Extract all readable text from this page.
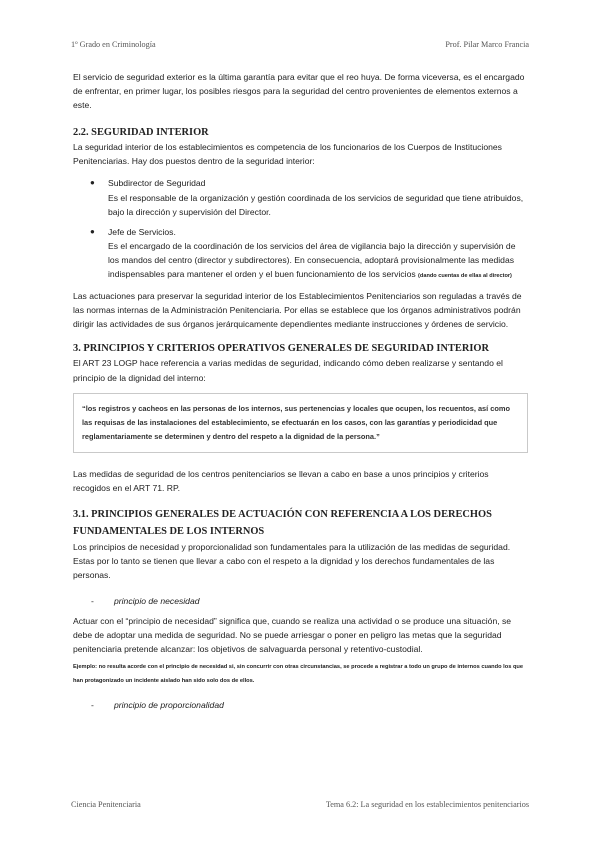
1º Grado en Criminología	Prof. Pilar Marco Francia

El servicio de seguridad exterior es la última garantía para evitar que el reo huya. De forma viceversa, es el encargado de enfrentar, en primer lugar, los posibles riesgos para la seguridad del centro provenientes de elementos externos a este.

2.2. SEGURIDAD INTERIOR

La seguridad interior de los establecimientos es competencia de los funcionarios de los Cuerpos de Instituciones Penitenciarias. Hay dos puestos dentro de la seguridad interior:

● Subdirector de Seguridad
Es el responsable de la organización y gestión coordinada de los servicios de seguridad que tiene atribuidos, bajo la dirección y supervisión del Director.
● Jefe de Servicios.
Es el encargado de la coordinación de los servicios del área de vigilancia bajo la dirección y supervisión de los mandos del centro (director y subdirectores). En consecuencia, adoptará provisionalmente las medidas indispensables para mantener el orden y el buen funcionamiento de los servicios (dando cuentas de ellas al director)

Las actuaciones para preservar la seguridad interior de los Establecimientos Penitenciarios son reguladas a través de las normas internas de la Administración Penitenciaria. Por ellas se establece que los órganos administrativos podrán dirigir las actividades de sus órganos jerárquicamente dependientes mediante instrucciones y órdenes de servicio.

3. PRINCIPIOS Y CRITERIOS OPERATIVOS GENERALES DE SEGURIDAD INTERIOR

El ART 23 LOGP hace referencia a varias medidas de seguridad, indicando cómo deben realizarse y sentando el principio de la dignidad del interno:

“los registros y cacheos en las personas de los internos, sus pertenencias y locales que ocupen, los recuentos, así como las requisas de las instalaciones del establecimiento, se efectuarán en los casos, con las garantías y periodicidad que reglamentariamente se determinen y dentro del respeto a la dignidad de la persona.”

Las medidas de seguridad de los centros penitenciarios se llevan a cabo en base a unos principios y criterios recogidos en el ART 71. RP.

3.1. PRINCIPIOS GENERALES DE ACTUACIÓN CON REFERENCIA A LOS DERECHOS FUNDAMENTALES DE LOS INTERNOS

Los principios de necesidad y proporcionalidad son fundamentales para la utilización de las medidas de seguridad. Estas por lo tanto se tienen que llevar a cabo con el respeto a la dignidad y los derechos fundamentales de las personas.

- principio de necesidad

Actuar con el “principio de necesidad” significa que, cuando se realiza una actividad o se produce una situación, se debe de adoptar una medida de seguridad. No se puede arriesgar o poner en peligro las metas que la seguridad penitenciaria pretende alcanzar: los objetivos de salvaguarda personal y retentivo-custodial.

Ejemplo: no resulta acorde con el principio de necesidad si, sin concurrir con otras circunstancias, se procede a registrar a todo un grupo de internos cuando los que han protagonizado un incidente aislado han sido solo dos de ellos.

- principio de proporcionalidad
Ciencia Penitenciaria	Tema 6.2: La seguridad en los establecimientos penitenciarios
